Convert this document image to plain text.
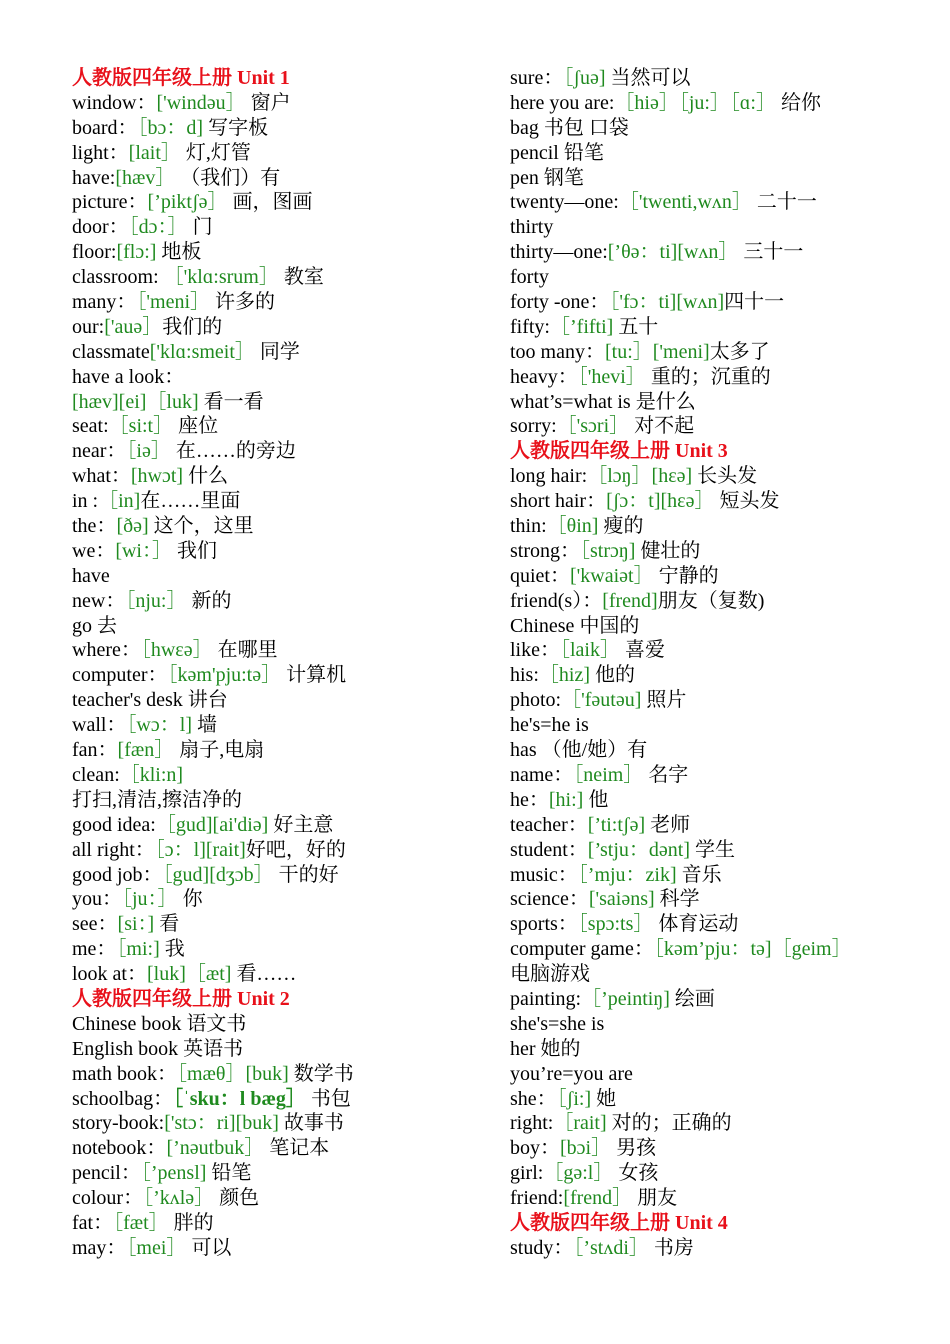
人教版四年级上册 Unit 1
window：['windəu］ 窗户
board：［bɔ：d] 写字板
light：[lait］ 灯,灯管
have:[hæv］ （我们）有
picture：[’piktʃə］ 画，图画
door：［dɔ：］ 门
floor:[flɔ:] 地板
classroom: ［'klɑ:srum］ 教室
many：［'meni］ 许多的
our:['auə］我们的
classmate['klɑ:smeit］ 同学
have a look：
[hæv][ei]［luk] 看一看
seat:［si:t］ 座位
near：［iə］ 在……的旁边
what：[hwɔt] 什么
in :［in]在……里面
the：[ðə] 这个，这里
we：[wi：］ 我们
have
new：［nju:］ 新的
go 去
where：［hwεə］ 在哪里
computer：［kəm'pju:tə］ 计算机
teacher's desk 讲台
wall：［wɔ：l] 墙
fan：[fæn］ 扇子,电扇
clean:［kli:n]
打扫,清洁,擦洁净的
good idea:［gud][ai'diə] 好主意
all right：［ɔ：l][rait]好吧，好的
good job：［gud][dʒɔb］ 干的好
you：［ju：］ 你
see：[si：] 看
me：［mi:] 我
look at：[luk]［æt] 看……
人教版四年级上册 Unit 2
Chinese book 语文书
English book 英语书
math book：［mæθ］[buk] 数学书
schoolbag：［ˈsku：l bæg］ 书包
story-book:['stɔ：ri][buk] 故事书
notebook：[’nəutbuk］ 笔记本
pencil：［’pensl] 铅笔
colour：［’kʌlə］ 颜色
fat：［fæt］ 胖的
may：［mei］ 可以
sure：［ʃuə] 当然可以
here you are:［hiə］［ju:］［ɑ:］ 给你
bag 书包 口袋
pencil 铅笔
pen 钢笔
twenty—one:［'twenti,wʌn］ 二十一
thirty
thirty—one:[’θə：ti][wʌn］ 三十一
forty
forty -one：［'fɔ：ti][wʌn]四十一
fifty:［’fifti] 五十
too many：[tu:］['meni]太多了
heavy：［'hevi］ 重的；沉重的
what’s=what is 是什么
sorry:［'sɔri］ 对不起
人教版四年级上册 Unit 3
long hair:［lɔŋ］[hεə] 长头发
short hair：[ʃɔ：t][hεə］ 短头发
thin:［θin] 瘦的
strong：［strɔŋ] 健壮的
quiet：['kwaiət］ 宁静的
friend(s）：[frend]朋友（复数)
Chinese 中国的
like：［laik］ 喜爱
his:［hiz] 他的
photo:［'fəutəu] 照片
he's=he is
has （他/她）有
name：［neim］ 名字
he：[hi:] 他
teacher：[’ti:tʃə] 老师
student：[’stju：dənt] 学生
music：［’mju：zik] 音乐
science：['saiəns] 科学
sports：［spɔ:ts］ 体育运动
computer game：［kəm’pju：tə]［geim］
电脑游戏
painting:［’peintiŋ] 绘画
she's=she is
her 她的
you’re=you are
she：［ʃi:] 她
right:［rait] 对的；正确的
boy：[bɔi］ 男孩
girl:［gə:l］ 女孩
friend:[frend］ 朋友
人教版四年级上册 Unit 4
study：［’stʌdi］ 书房
